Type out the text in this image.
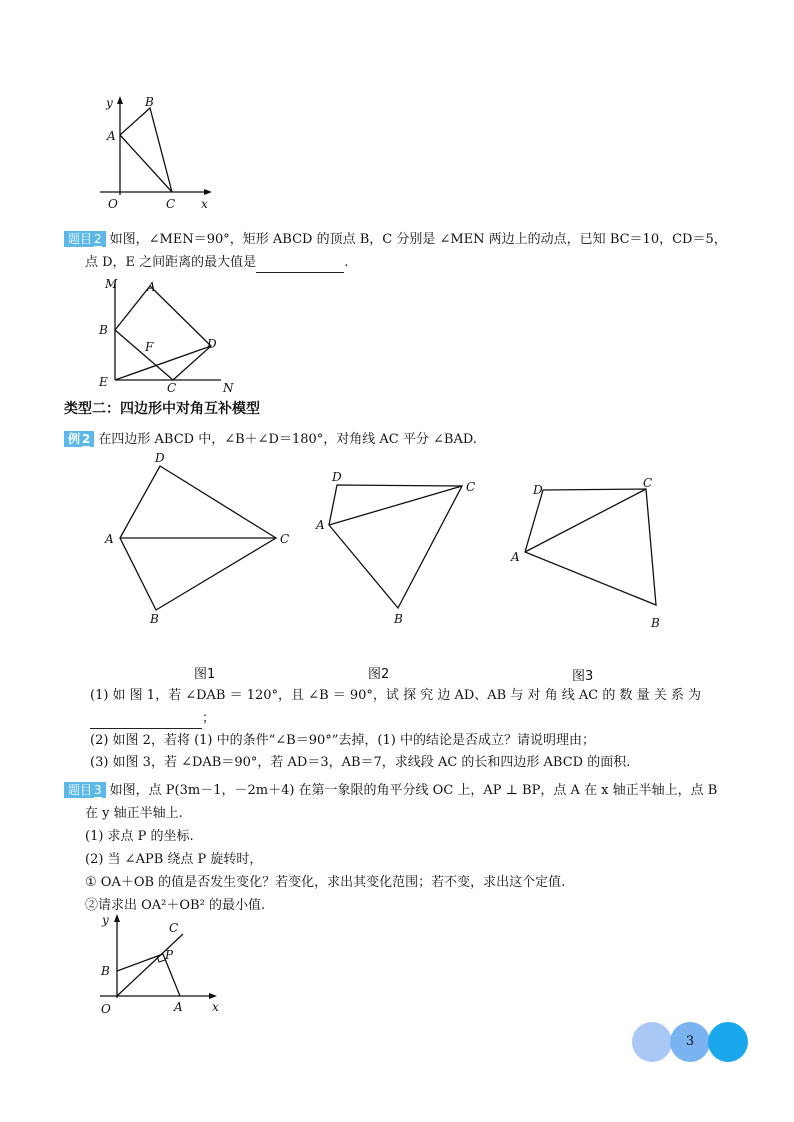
y	B
A
O	C x
题目 2 如图，∠MEN＝90°，矩形 ABCD 的顶点 B，C 分别是 ∠MEN 两边上的动点，已知 BC＝10，CD＝5，
点 D，E 之间距离的最大值是	.
M A
B
F	D
E	C	N
类型二：四边形中对角互补模型
例 2 在四边形 ABCD 中，∠B＋∠D＝180°，对角线 AC 平分 ∠BAD.
D
A	C
B
图1
D
C
A
B
图2
D	C
A
B
图3
(1) 如 图 1，若 ∠DAB ＝ 120°，且 ∠B ＝ 90°，试 探 究 边 AD、AB 与 对 角 线 AC 的 数 量 关 系 为
；
(2) 如图 2，若将 (1) 中的条件“∠B＝90°”去掉，(1) 中的结论是否成立？请说明理由；
(3) 如图 3，若 ∠DAB＝90°，若 AD＝3，AB＝7，求线段 AC 的长和四边形 ABCD 的面积.
题目 3 如图，点 P(3m－1，－2m＋4) 在第一象限的角平分线 OC 上，AP ⊥ BP，点 A 在 x 轴正半轴上，点 B
在 y 轴正半轴上.
(1) 求点 P 的坐标.
(2) 当 ∠APB 绕点 P 旋转时，
① OA＋OB 的值是否发生变化？若变化，求出其变化范围；若不变，求出这个定值.
②请求出 OA²＋OB² 的最小值.
y
C
B
P
O	A x
3
